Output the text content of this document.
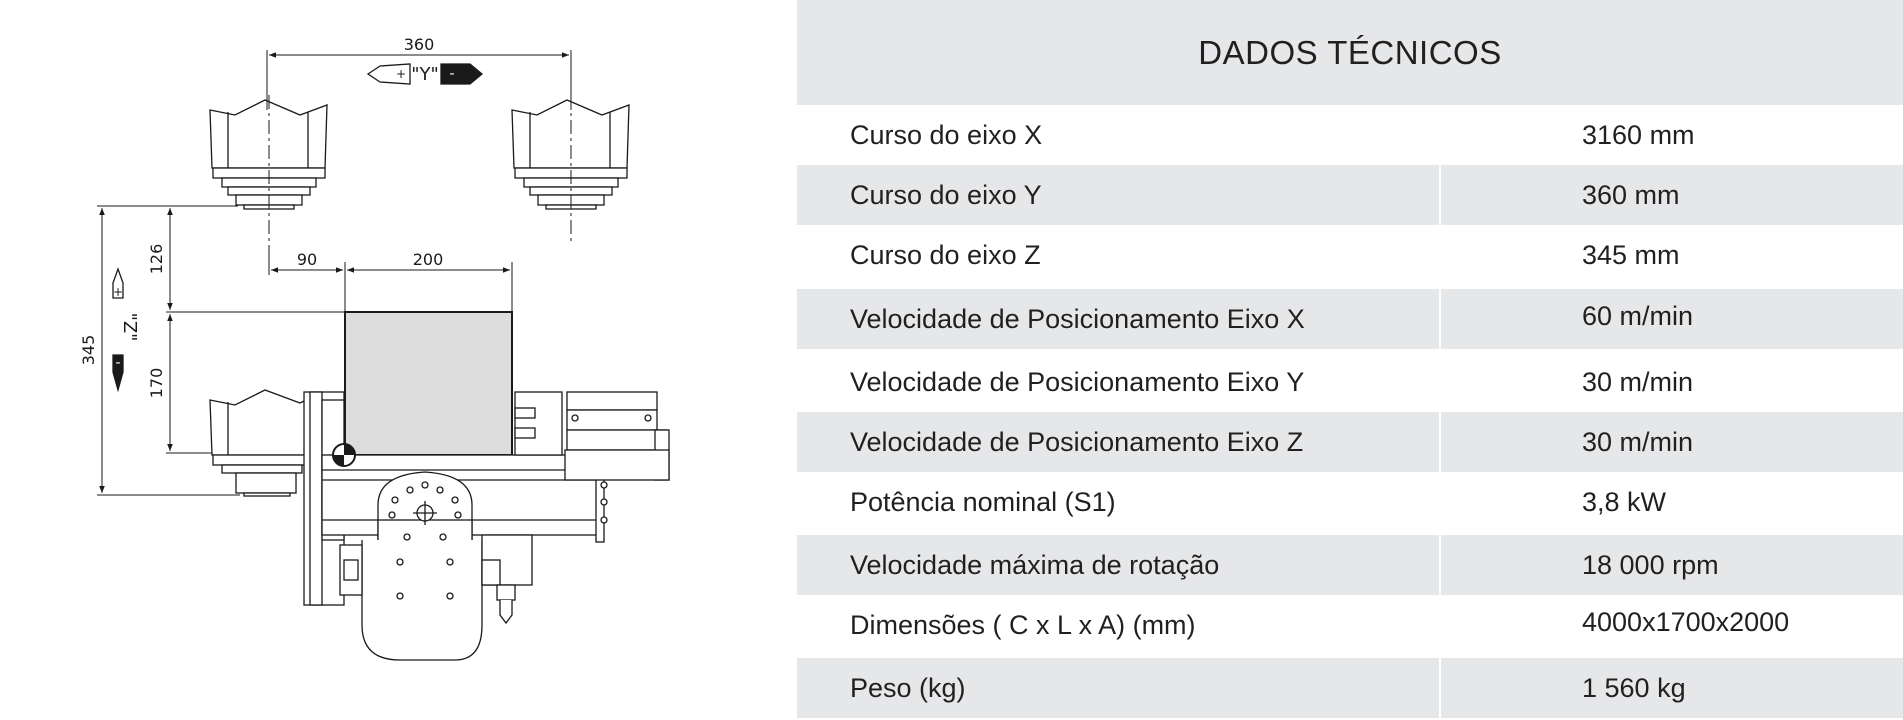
360
"Y"
+	-
90	200
126
170
345
"Z"
+
-
DADOS TÉCNICOS
Curso do eixo X	3160 mm
Curso do eixo Y	360 mm
Curso do eixo Z	345 mm
Velocidade de Posicionamento Eixo X	60 m/min
Velocidade de Posicionamento Eixo Y	30 m/min
Velocidade de Posicionamento Eixo Z	30 m/min
Potência nominal (S1)	3,8 kW
Velocidade máxima de rotação	18 000 rpm
Dimensões ( C x L x A) (mm)	4000x1700x2000
Peso (kg)	1 560 kg
